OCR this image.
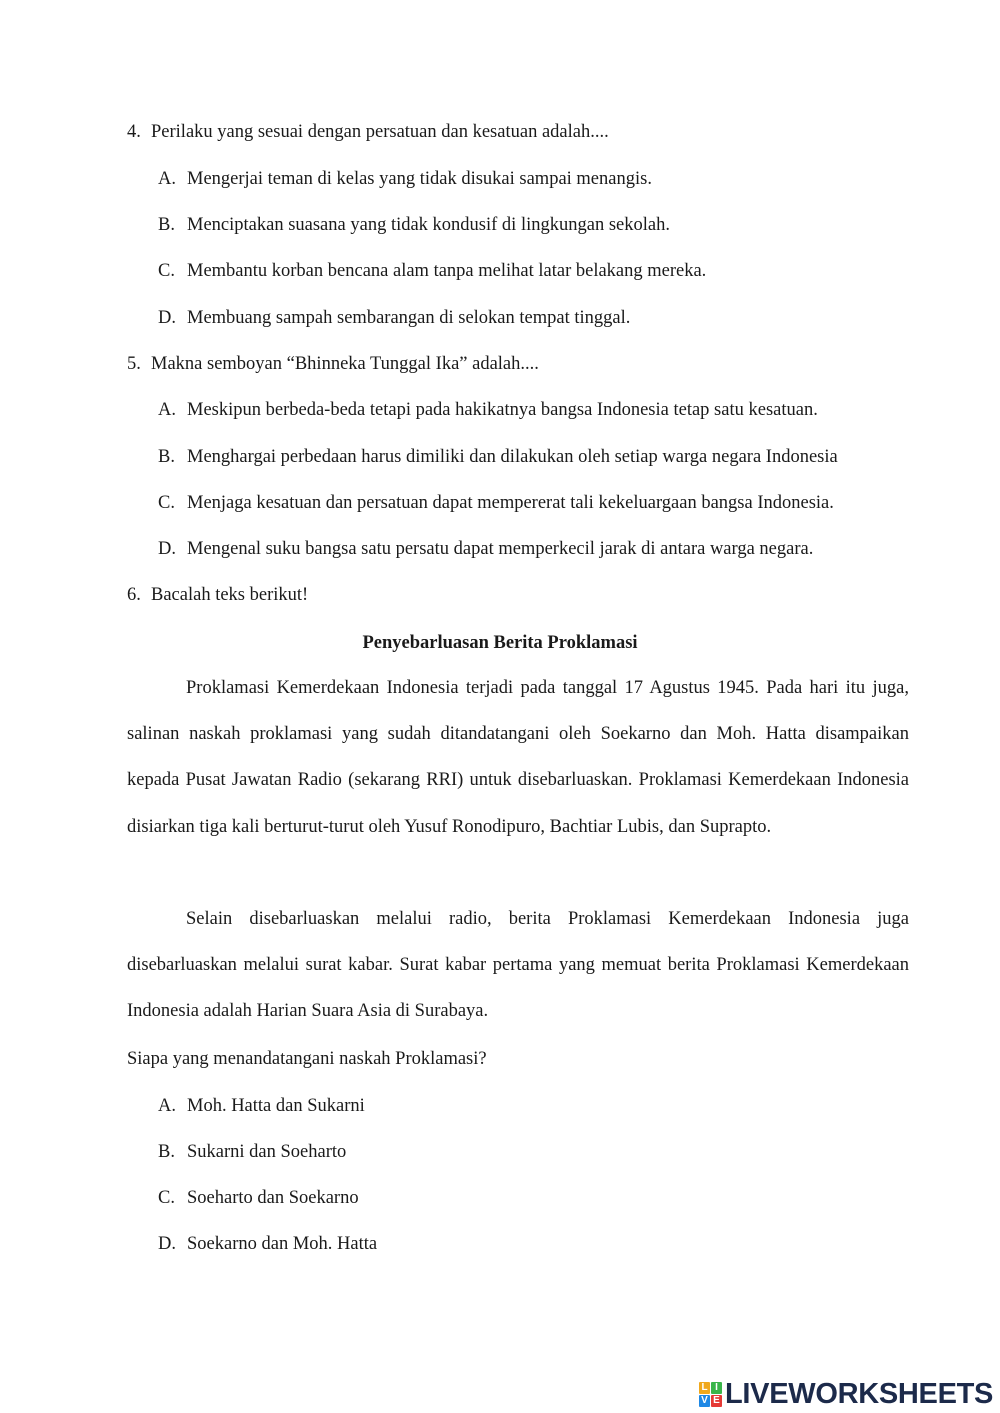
4. Perilaku yang sesuai dengan persatuan dan kesatuan adalah....
A. Mengerjai teman di kelas yang tidak disukai sampai menangis.
B. Menciptakan suasana yang tidak kondusif di lingkungan sekolah.
C. Membantu korban bencana alam tanpa melihat latar belakang mereka.
D. Membuang sampah sembarangan di selokan tempat tinggal.
5. Makna semboyan “Bhinneka Tunggal Ika” adalah....
A. Meskipun berbeda-beda tetapi pada hakikatnya bangsa Indonesia tetap satu kesatuan.
B. Menghargai perbedaan harus dimiliki dan dilakukan oleh setiap warga negara Indonesia
C. Menjaga kesatuan dan persatuan dapat mempererat tali kekeluargaan bangsa Indonesia.
D. Mengenal suku bangsa satu persatu dapat memperkecil jarak di antara warga negara.
6. Bacalah teks berikut!
Penyebarluasan Berita Proklamasi

Proklamasi Kemerdekaan Indonesia terjadi pada tanggal 17 Agustus 1945. Pada hari itu juga, salinan naskah proklamasi yang sudah ditandatangani oleh Soekarno dan Moh. Hatta disampaikan kepada Pusat Jawatan Radio (sekarang RRI) untuk disebarluaskan. Proklamasi Kemerdekaan Indonesia disiarkan tiga kali berturut-turut oleh Yusuf Ronodipuro, Bachtiar Lubis, dan Suprapto.

Selain disebarluaskan melalui radio, berita Proklamasi Kemerdekaan Indonesia juga disebarluaskan melalui surat kabar. Surat kabar pertama yang memuat berita Proklamasi Kemerdekaan Indonesia adalah Harian Suara Asia di Surabaya.

Siapa yang menandatangani naskah Proklamasi?
A. Moh. Hatta dan Sukarni
B. Sukarni dan Soeharto
C. Soeharto dan Soekarno
D. Soekarno dan Moh. Hatta
L I
V E LIVEWORKSHEETS
